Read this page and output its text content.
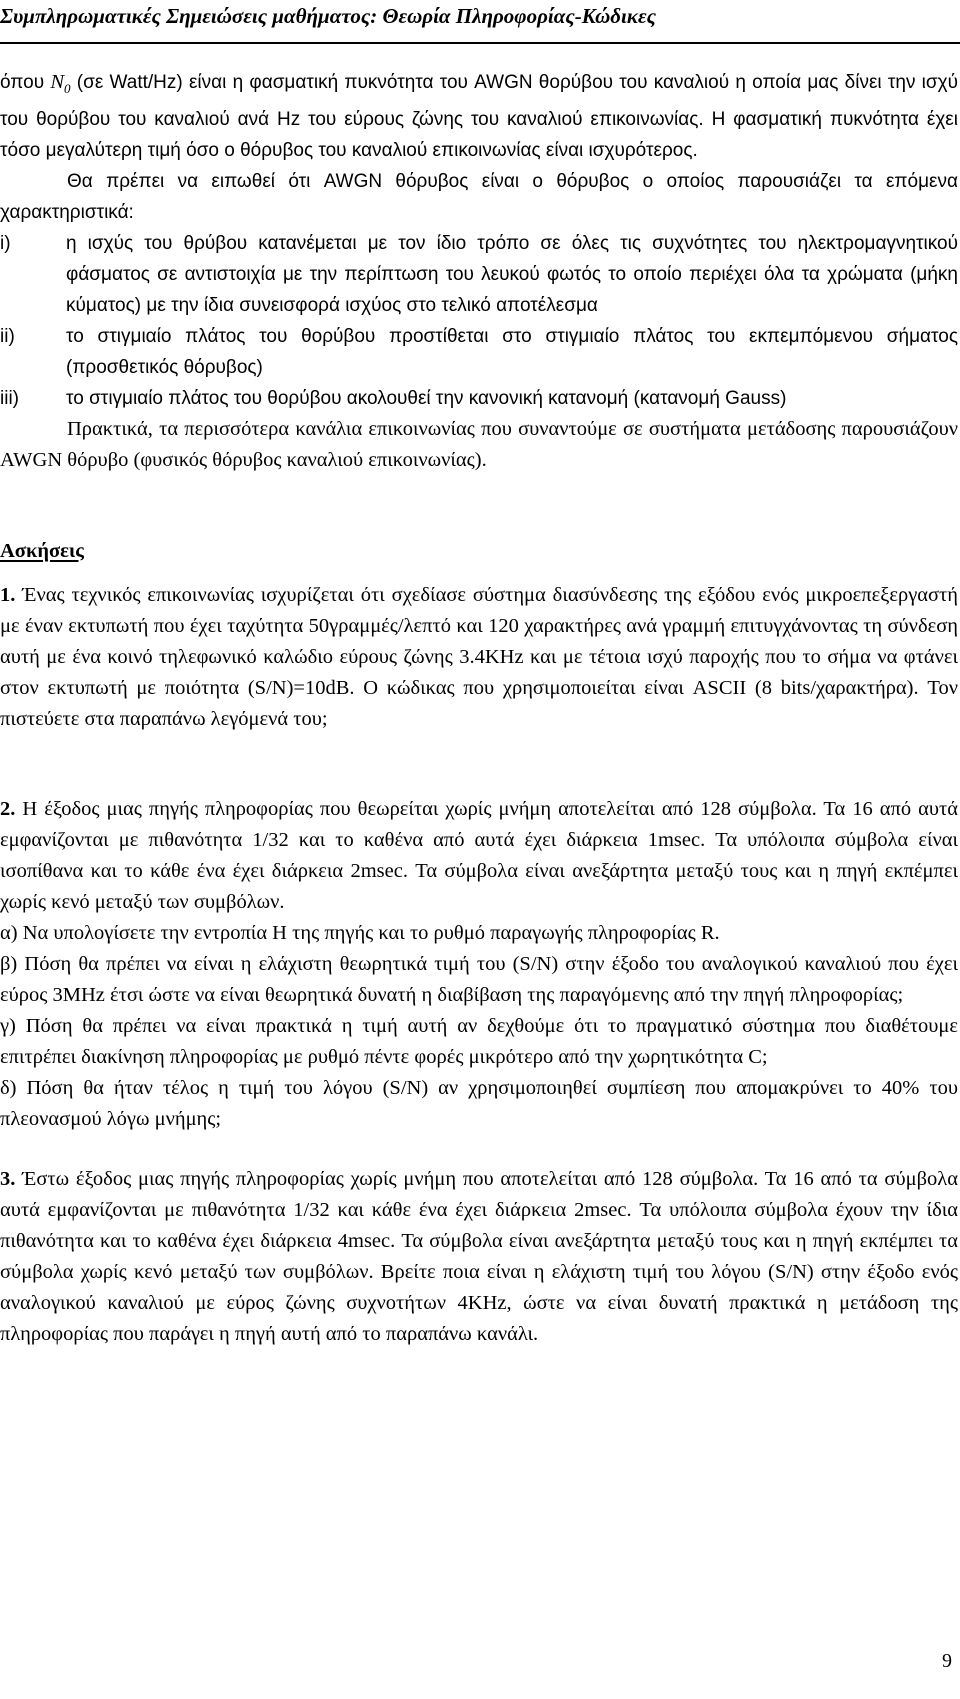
Συμπληρωματικές Σημειώσεις μαθήματος: Θεωρία Πληροφορίας-Κώδικες

όπου $N_0$ (σε Watt/Hz) είναι η φασματική πυκνότητα του AWGN θορύβου του καναλιού η οποία μας δίνει την ισχύ του θορύβου του καναλιού ανά Hz του εύρους ζώνης του καναλιού επικοινωνίας. Η φασματική πυκνότητα έχει τόσο μεγαλύτερη τιμή όσο ο θόρυβος του καναλιού επικοινωνίας είναι ισχυρότερος.

Θα πρέπει να ειπωθεί ότι AWGN θόρυβος είναι ο θόρυβος ο οποίος παρουσιάζει τα επόμενα χαρακτηριστικά:

i)	η ισχύς του θρύβου κατανέμεται με τον ίδιο τρόπο σε όλες τις συχνότητες του ηλεκτρομαγνητικού φάσματος σε αντιστοιχία με την περίπτωση του λευκού φωτός το οποίο περιέχει όλα τα χρώματα (μήκη κύματος) με την ίδια συνεισφορά ισχύος στο τελικό αποτέλεσμα
ii)	το στιγμιαίο πλάτος του θορύβου προστίθεται στο στιγμιαίο πλάτος του εκπεμπόμενου σήματος (προσθετικός θόρυβος)
iii)	το στιγμιαίο πλάτος του θορύβου ακολουθεί την κανονική κατανομή (κατανομή Gauss)

Πρακτικά, τα περισσότερα κανάλια επικοινωνίας που συναντούμε σε συστήματα μετάδοσης παρουσιάζουν AWGN θόρυβο (φυσικός θόρυβος καναλιού επικοινωνίας).

Ασκήσεις

1. Ένας τεχνικός επικοινωνίας ισχυρίζεται ότι σχεδίασε σύστημα διασύνδεσης της εξόδου ενός μικροεπεξεργαστή με έναν εκτυπωτή που έχει ταχύτητα 50γραμμές/λεπτό και 120 χαρακτήρες ανά γραμμή επιτυγχάνοντας τη σύνδεση αυτή με ένα κοινό τηλεφωνικό καλώδιο εύρους ζώνης 3.4KHz και με τέτοια ισχύ παροχής που το σήμα να φτάνει στον εκτυπωτή με ποιότητα (S/N)=10dB. Ο κώδικας που χρησιμοποιείται είναι ASCII (8 bits/χαρακτήρα). Τον πιστεύετε στα παραπάνω λεγόμενά του;

2. Η έξοδος μιας πηγής πληροφορίας που θεωρείται χωρίς μνήμη αποτελείται από 128 σύμβολα. Τα 16 από αυτά εμφανίζονται με πιθανότητα 1/32 και το καθένα από αυτά έχει διάρκεια 1msec. Τα υπόλοιπα σύμβολα είναι ισοπίθανα και το κάθε ένα έχει διάρκεια 2msec. Τα σύμβολα είναι ανεξάρτητα μεταξύ τους και η πηγή εκπέμπει χωρίς κενό μεταξύ των συμβόλων.

α) Να υπολογίσετε την εντροπία H της πηγής και το ρυθμό παραγωγής πληροφορίας R.

β) Πόση θα πρέπει να είναι η ελάχιστη θεωρητικά τιμή του (S/N) στην έξοδο του αναλογικού καναλιού που έχει εύρος 3MHz έτσι ώστε να είναι θεωρητικά δυνατή η διαβίβαση της παραγόμενης από την πηγή πληροφορίας;

γ) Πόση θα πρέπει να είναι πρακτικά η τιμή αυτή αν δεχθούμε ότι το πραγματικό σύστημα που διαθέτουμε επιτρέπει διακίνηση πληροφορίας με ρυθμό πέντε φορές μικρότερο από την χωρητικότητα C;

δ) Πόση θα ήταν τέλος η τιμή του λόγου (S/N) αν χρησιμοποιηθεί συμπίεση που απομακρύνει το 40% του πλεονασμού λόγω μνήμης;

3. Έστω έξοδος μιας πηγής πληροφορίας χωρίς μνήμη που αποτελείται από 128 σύμβολα. Τα 16 από τα σύμβολα αυτά εμφανίζονται με πιθανότητα 1/32 και κάθε ένα έχει διάρκεια 2msec. Τα υπόλοιπα σύμβολα έχουν την ίδια πιθανότητα και το καθένα έχει διάρκεια 4msec. Τα σύμβολα είναι ανεξάρτητα μεταξύ τους και η πηγή εκπέμπει τα σύμβολα χωρίς κενό μεταξύ των συμβόλων. Βρείτε ποια είναι η ελάχιστη τιμή του λόγου (S/N) στην έξοδο ενός αναλογικού καναλιού με εύρος ζώνης συχνοτήτων 4KHz, ώστε να είναι δυνατή πρακτικά η μετάδοση της πληροφορίας που παράγει η πηγή αυτή από το παραπάνω κανάλι.

9
